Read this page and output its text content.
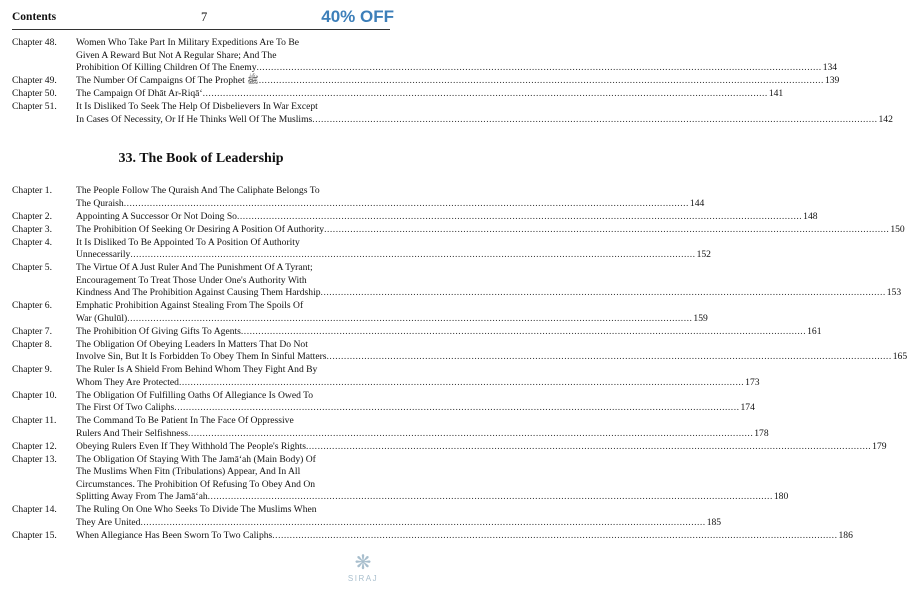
Contents	7	40% OFF
Chapter 48.	Women Who Take Part In Military Expeditions Are To Be
Given A Reward But Not A Regular Share; And The
Prohibition Of Killing Children Of The Enemy .....	134
Chapter 49.	The Number Of Campaigns Of The Prophet ﷺ .....	139
Chapter 50.	The Campaign Of Dhāt Ar-Riqā‘ .....	141
Chapter 51.	It Is Disliked To Seek The Help Of Disbelievers In War Except
In Cases Of Necessity, Or If He Thinks Well Of The Muslims .....	142
33. The Book of Leadership
Chapter 1.	The People Follow The Quraish And The Caliphate Belongs To
The Quraish .....	144
Chapter 2.	Appointing A Successor Or Not Doing So .....	148
Chapter 3.	The Prohibition Of Seeking Or Desiring A Position Of Authority .....	150
Chapter 4.	It Is Disliked To Be Appointed To A Position Of Authority
Unnecessarily .....	152
Chapter 5.	The Virtue Of A Just Ruler And The Punishment Of A Tyrant;
Encouragement To Treat Those Under One's Authority With
Kindness And The Prohibition Against Causing Them Hardship .....	153
Chapter 6.	Emphatic Prohibition Against Stealing From The Spoils Of
War (Ghulūl) .....	159
Chapter 7.	The Prohibition Of Giving Gifts To Agents .....	161
Chapter 8.	The Obligation Of Obeying Leaders In Matters That Do Not
Involve Sin, But It Is Forbidden To Obey Them In Sinful Matters .....	165
Chapter 9.	The Ruler Is A Shield From Behind Whom They Fight And By
Whom They Are Protected .....	173
Chapter 10.	The Obligation Of Fulfilling Oaths Of Allegiance Is Owed To
The First Of Two Caliphs .....	174
Chapter 11.	The Command To Be Patient In The Face Of Oppressive
Rulers And Their Selfishness .....	178
Chapter 12.	Obeying Rulers Even If They Withhold The People's Rights .....	179
Chapter 13.	The Obligation Of Staying With The Jamā‘ah (Main Body) Of
The Muslims When Fitn (Tribulations) Appear, And In All
Circumstances. The Prohibition Of Refusing To Obey And On
Splitting Away From The Jamā‘ah .....	180
Chapter 14.	The Ruling On One Who Seeks To Divide The Muslims When
They Are United .....	185
Chapter 15.	When Allegiance Has Been Sworn To Two Caliphs .....	186
❋
SIRAJ
